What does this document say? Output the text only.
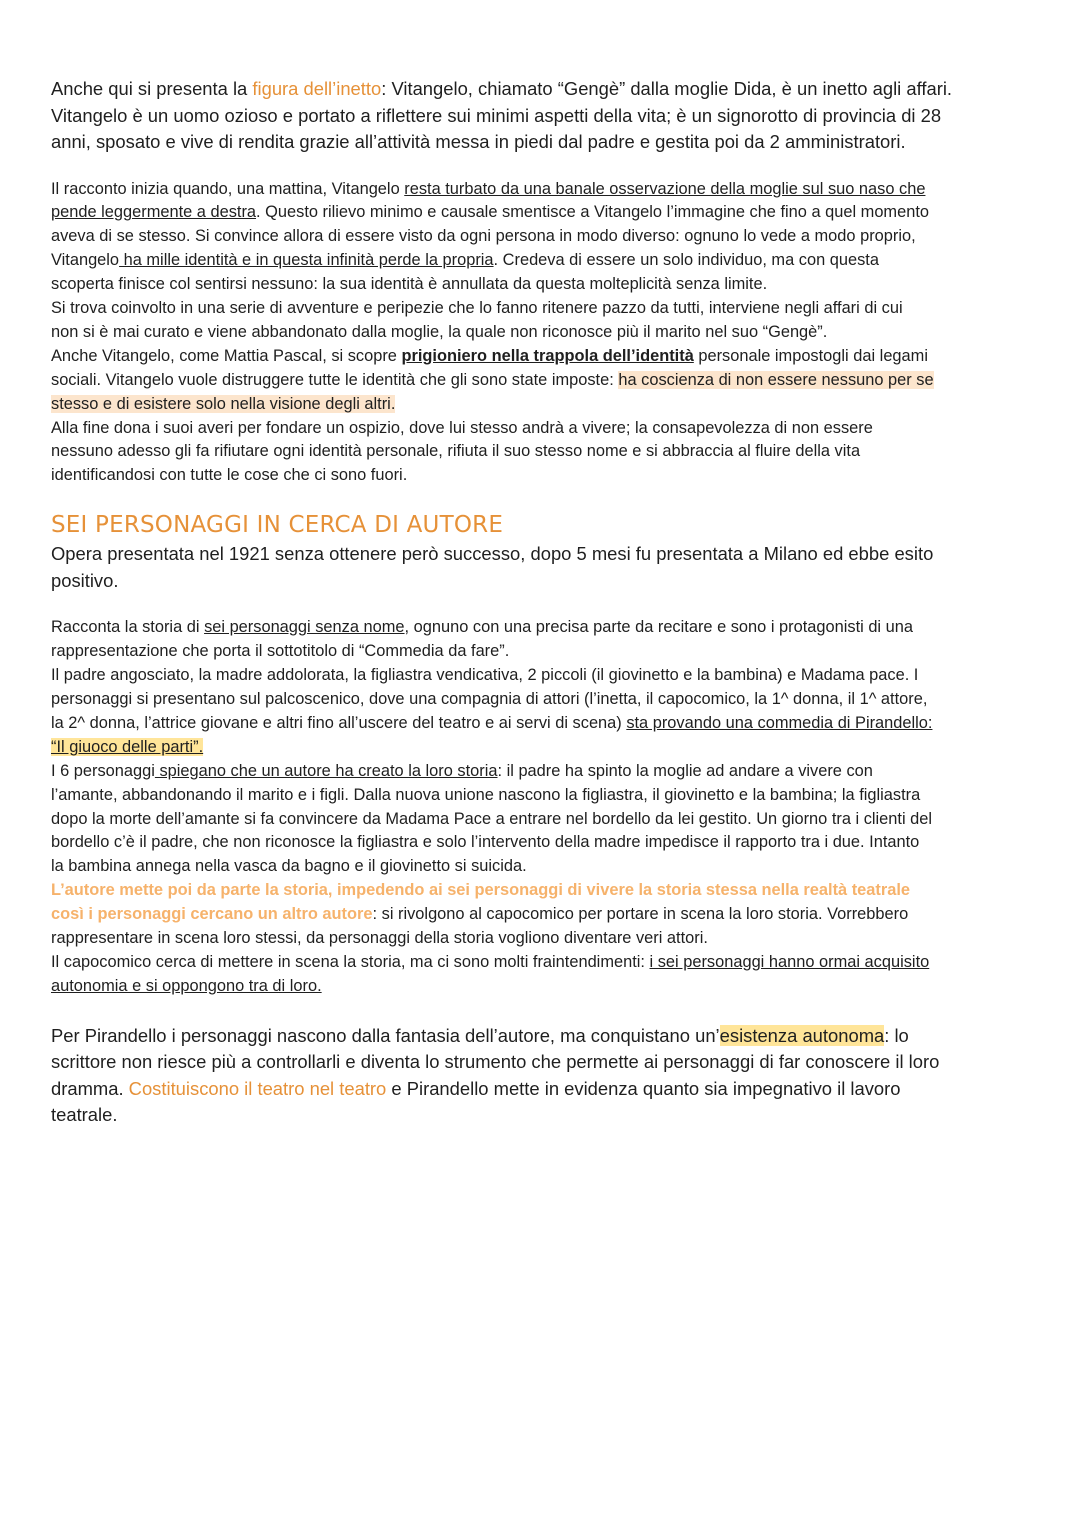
Anche qui si presenta la figura dell’inetto: Vitangelo, chiamato “Gengè” dalla moglie Dida, è un inetto agli affari.
Vitangelo è un uomo ozioso e portato a riflettere sui minimi aspetti della vita; è un signorotto di provincia di 28
anni, sposato e vive di rendita grazie all’attività messa in piedi dal padre e gestita poi da 2 amministratori.

Il racconto inizia quando, una mattina, Vitangelo resta turbato da una banale osservazione della moglie sul suo naso che
pende leggermente a destra. Questo rilievo minimo e causale smentisce a Vitangelo l’immagine che fino a quel momento
aveva di se stesso. Si convince allora di essere visto da ogni persona in modo diverso: ognuno lo vede a modo proprio,
Vitangelo ha mille identità e in questa infinità perde la propria. Credeva di essere un solo individuo, ma con questa
scoperta finisce col sentirsi nessuno: la sua identità è annullata da questa molteplicità senza limite.
Si trova coinvolto in una serie di avventure e peripezie che lo fanno ritenere pazzo da tutti, interviene negli affari di cui
non si è mai curato e viene abbandonato dalla moglie, la quale non riconosce più il marito nel suo “Gengè”.
Anche Vitangelo, come Mattia Pascal, si scopre prigioniero nella trappola dell’identità personale impostogli dai legami
sociali. Vitangelo vuole distruggere tutte le identità che gli sono state imposte: ha coscienza di non essere nessuno per se
stesso e di esistere solo nella visione degli altri.
Alla fine dona i suoi averi per fondare un ospizio, dove lui stesso andrà a vivere; la consapevolezza di non essere
nessuno adesso gli fa rifiutare ogni identità personale, rifiuta il suo stesso nome e si abbraccia al fluire della vita
identificandosi con tutte le cose che ci sono fuori.

SEI PERSONAGGI IN CERCA DI AUTORE

Opera presentata nel 1921 senza ottenere però successo, dopo 5 mesi fu presentata a Milano ed ebbe esito
positivo.

Racconta la storia di sei personaggi senza nome, ognuno con una precisa parte da recitare e sono i protagonisti di una
rappresentazione che porta il sottotitolo di “Commedia da fare”.
Il padre angosciato, la madre addolorata, la figliastra vendicativa, 2 piccoli (il giovinetto e la bambina) e Madama pace. I
personaggi si presentano sul palcoscenico, dove una compagnia di attori (l’inetta, il capocomico, la 1^ donna, il 1^ attore,
la 2^ donna, l’attrice giovane e altri fino all’uscere del teatro e ai servi di scena) sta provando una commedia di Pirandello:
“Il giuoco delle parti”.
I 6 personaggi spiegano che un autore ha creato la loro storia: il padre ha spinto la moglie ad andare a vivere con
l’amante, abbandonando il marito e i figli. Dalla nuova unione nascono la figliastra, il giovinetto e la bambina; la figliastra
dopo la morte dell’amante si fa convincere da Madama Pace a entrare nel bordello da lei gestito. Un giorno tra i clienti del
bordello c’è il padre, che non riconosce la figliastra e solo l’intervento della madre impedisce il rapporto tra i due. Intanto
la bambina annega nella vasca da bagno e il giovinetto si suicida.
L’autore mette poi da parte la storia, impedendo ai sei personaggi di vivere la storia stessa nella realtà teatrale
così i personaggi cercano un altro autore: si rivolgono al capocomico per portare in scena la loro storia. Vorrebbero
rappresentare in scena loro stessi, da personaggi della storia vogliono diventare veri attori.
Il capocomico cerca di mettere in scena la storia, ma ci sono molti fraintendimenti: i sei personaggi hanno ormai acquisito
autonomia e si oppongono tra di loro.

Per Pirandello i personaggi nascono dalla fantasia dell’autore, ma conquistano un’esistenza autonoma: lo
scrittore non riesce più a controllarli e diventa lo strumento che permette ai personaggi di far conoscere il loro
dramma. Costituiscono il teatro nel teatro e Pirandello mette in evidenza quanto sia impegnativo il lavoro
teatrale.
